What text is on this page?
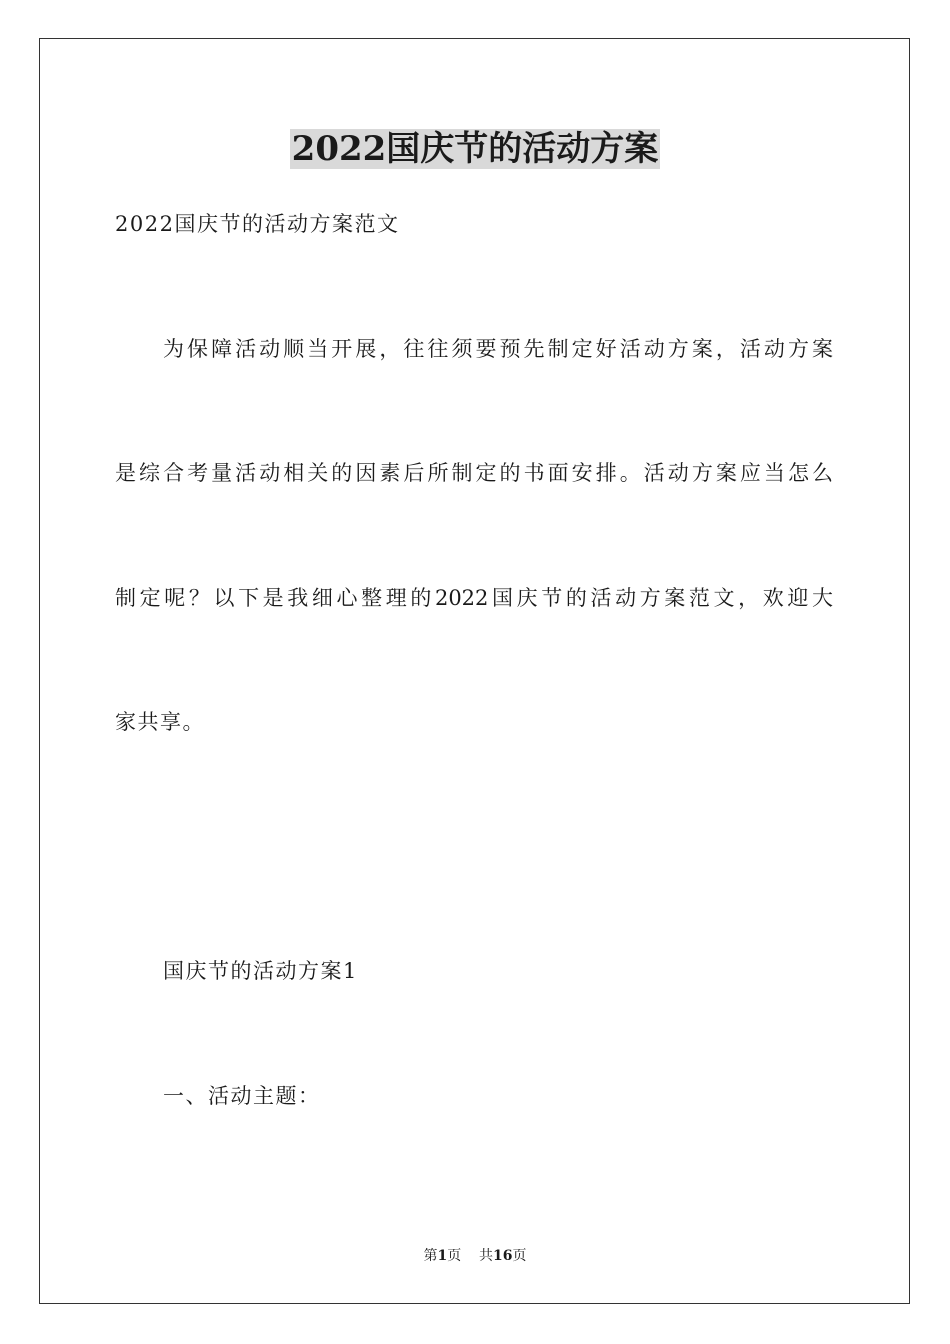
2022国庆节的活动方案
2022国庆节的活动方案范文
为保障活动顺当开展，往往须要预先制定好活动方案，活动方案
是综合考量活动相关的因素后所制定的书面安排。活动方案应当怎么
制定呢？以下是我细心整理的2022国庆节的活动方案范文，欢迎大
家共享。
国庆节的活动方案1
一、活动主题：
第1页 共16页
